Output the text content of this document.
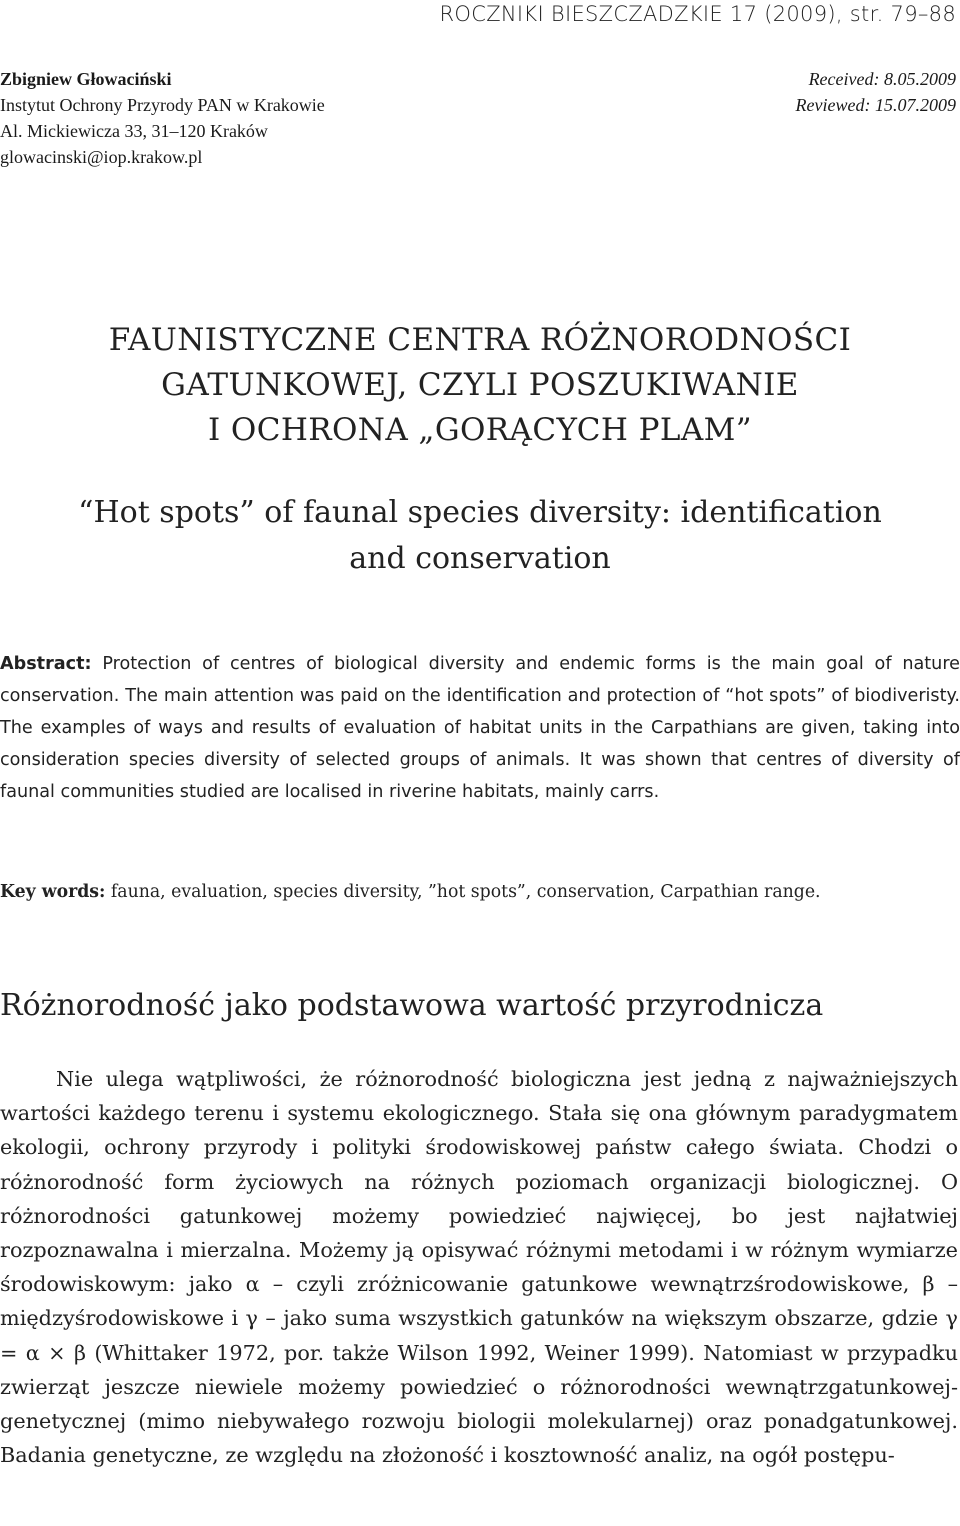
ROCZNIKI BIESZCZADZKIE 17 (2009), str. 79–88
Zbigniew Głowaciński
Instytut Ochrony Przyrody PAN w Krakowie
Al. Mickiewicza 33, 31–120 Kraków
glowacinski@iop.krakow.pl
Received: 8.05.2009
Reviewed: 15.07.2009
FAUNISTYCZNE CENTRA RÓŻNORODNOŚCI
GATUNKOWEJ, CZYLI POSZUKIWANIE
I OCHRONA „GORĄCYCH PLAM”
“Hot spots” of faunal species diversity: identification
and conservation
Abstract: Protection of centres of biological diversity and endemic forms is the main goal of nature conservation. The main attention was paid on the identification and protection of “hot spots” of biodiveristy. The examples of ways and results of evaluation of habitat units in the Carpathians are given, taking into consideration species diversity of selected groups of animals. It was shown that centres of diversity of faunal communities studied are localised in riverine habitats, mainly carrs.
Key words: fauna, evaluation, species diversity, ”hot spots”, conservation, Carpathian range.
Różnorodność jako podstawowa wartość przyrodnicza

Nie ulega wątpliwości, że różnorodność biologiczna jest jedną z najważniejszych wartości każdego terenu i systemu ekologicznego. Stała się ona głównym paradygmatem ekologii, ochrony przyrody i polityki środowiskowej państw całego świata. Chodzi o różnorodność form życiowych na różnych poziomach organizacji biologicznej. O różnorodności gatunkowej możemy powiedzieć najwięcej, bo jest najłatwiej rozpoznawalna i mierzalna. Możemy ją opisywać różnymi metodami i w różnym wymiarze środowiskowym: jako α – czyli zróżnicowanie gatunkowe wewnątrzśrodowiskowe, β – międzyśrodowiskowe i γ – jako suma wszystkich gatunków na większym obszarze, gdzie γ = α × β (Whittaker 1972, por. także Wilson 1992, Weiner 1999). Natomiast w przypadku zwierząt jeszcze niewiele możemy powiedzieć o różnorodności wewnątrzgatunkowej-genetycznej (mimo niebywałego rozwoju biologii molekularnej) oraz ponadgatunkowej. Badania genetyczne, ze względu na złożoność i kosztowność analiz, na ogół postępu-
